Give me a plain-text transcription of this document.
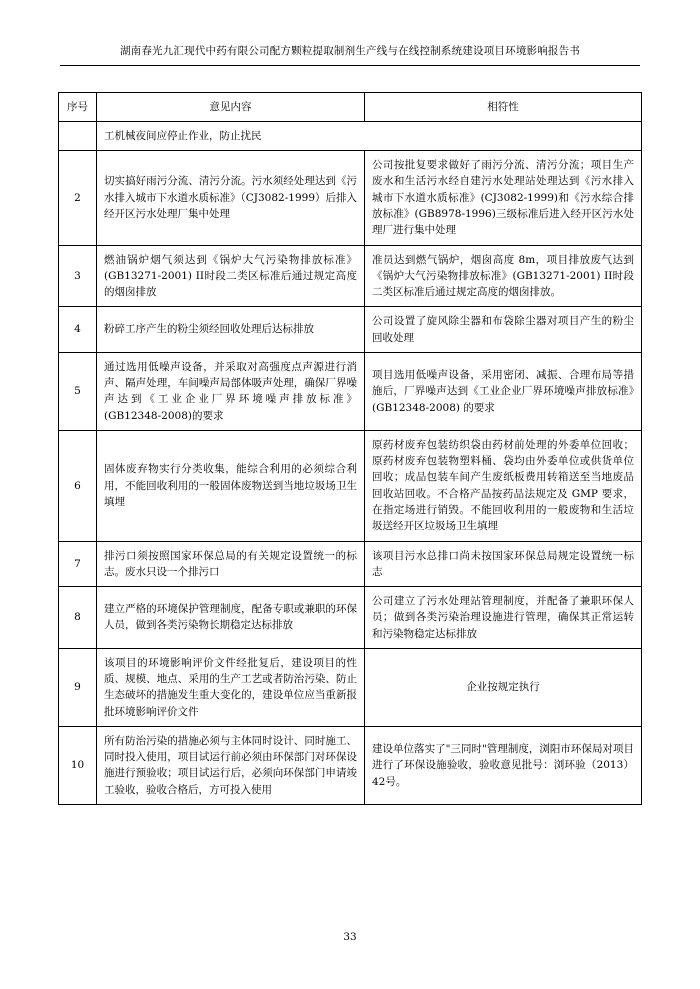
湖南春光九汇现代中药有限公司配方颗粒提取制剂生产线与在线控制系统建设项目环境影响报告书
序号	意见内容	相符性
	工机械夜间应停止作业，防止扰民	
2	切实搞好雨污分流、清污分流。污水须经处理达到《污水排入城市下水道水质标准》（CJ3082-1999）后排入经开区污水处理厂集中处理	公司按批复要求做好了雨污分流、清污分流；项目生产废水和生活污水经自建污水处理站处理达到《污水排入城市下水道水质标准》(CJ3082-1999)和《污水综合排放标准》(GB8978-1996)三级标准后进入经开区污水处理厂进行集中处理
3	燃油锅炉烟气须达到《锅炉大气污染物排放标准》(GB13271-2001) II时段二类区标准后通过规定高度的烟囱排放	准员达到燃气锅炉，烟囱高度 8m，项目排放废气达到《锅炉大气污染物排放标准》(GB13271-2001) II时段二类区标准后通过规定高度的烟囱排放。
4	粉碎工序产生的粉尘须经回收处理后达标排放	公司设置了旋风除尘器和布袋除尘器对项目产生的粉尘回收处理
5	通过选用低噪声设备，并采取对高强度点声源进行消声、隔声处理，车间噪声局部体吸声处理，确保厂界噪声达到《工业企业厂界环境噪声排放标准》(GB12348-2008)的要求	项目选用低噪声设备，采用密闭、减振、合理布局等措施后，厂界噪声达到《工业企业厂界环境噪声排放标准》(GB12348-2008) 的要求
6	固体废弃物实行分类收集，能综合利用的必须综合利用，不能回收利用的一般固体废物送到当地垃圾场卫生填埋	原药材废弃包装纺织袋由药材前处理的外委单位回收；原药材废弃包装物塑料桶、袋均由外委单位或供货单位回收；成品包装车间产生废纸板费用转箱送至当地废品回收站回收。不合格产品按药品法规定及 GMP 要求，在指定场进行销毁。不能回收利用的一般废物和生活垃圾送经开区垃圾场卫生填埋
7	排污口须按照国家环保总局的有关规定设置统一的标志。废水只设一个排污口	该项目污水总排口尚未按国家环保总局规定设置统一标志
8	建立严格的环境保护管理制度，配备专职或兼职的环保人员，做到各类污染物长期稳定达标排放	公司建立了污水处理站管理制度，并配备了兼职环保人员；做到各类污染治理设施进行管理，确保其正常运转和污染物稳定达标排放
9	该项目的环境影响评价文件经批复后，建设项目的性质、规模、地点、采用的生产工艺或者防治污染、防止生态破坏的措施发生重大变化的，建设单位应当重新报批环境影响评价文件	企业按规定执行
10	所有防治污染的措施必须与主体同时设计、同时施工、同时投入使用，项目试运行前必须由环保部门对环保设施进行预验收；项目试运行后，必须向环保部门申请竣工验收，验收合格后，方可投入使用	建设单位落实了"三同时"管理制度，浏阳市环保局对项目进行了环保设施验收，验收意见批号：浏环验（2013）42号。
33
